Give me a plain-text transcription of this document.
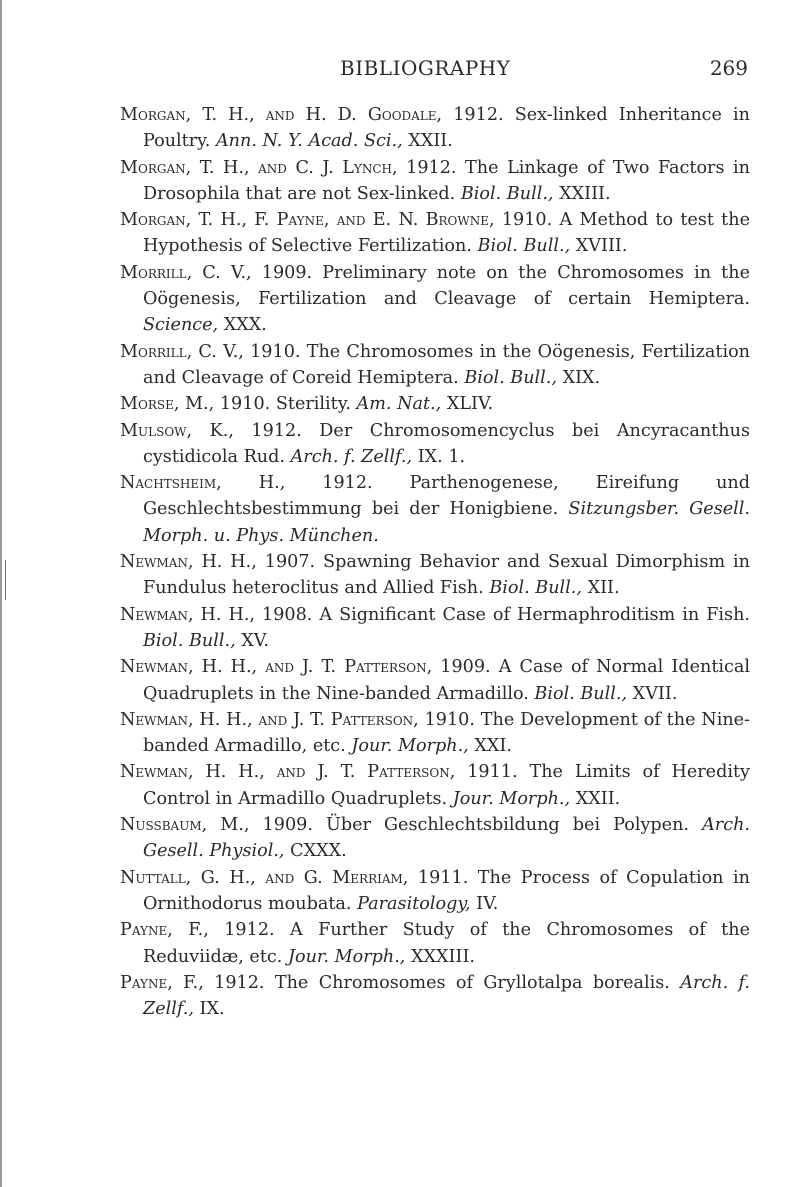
BIBLIOGRAPHY	269
Morgan, T. H., and H. D. Goodale, 1912. Sex-linked Inheritance in Poultry. Ann. N. Y. Acad. Sci., XXII.
Morgan, T. H., and C. J. Lynch, 1912. The Linkage of Two Factors in Drosophila that are not Sex-linked. Biol. Bull., XXIII.
Morgan, T. H., F. Payne, and E. N. Browne, 1910. A Method to test the Hypothesis of Selective Fertilization. Biol. Bull., XVIII.
Morrill, C. V., 1909. Preliminary note on the Chromosomes in the Oögenesis, Fertilization and Cleavage of certain Hemiptera. Science, XXX.
Morrill, C. V., 1910. The Chromosomes in the Oögenesis, Fertilization and Cleavage of Coreid Hemiptera. Biol. Bull., XIX.
Morse, M., 1910. Sterility. Am. Nat., XLIV.
Mulsow, K., 1912. Der Chromosomencyclus bei Ancyracanthus cystidicola Rud. Arch. f. Zellf., IX. 1.
Nachtsheim, H., 1912. Parthenogenese, Eireifung und Geschlechtsbestimmung bei der Honigbiene. Sitzungsber. Gesell. Morph. u. Phys. München.
Newman, H. H., 1907. Spawning Behavior and Sexual Dimorphism in Fundulus heteroclitus and Allied Fish. Biol. Bull., XII.
Newman, H. H., 1908. A Significant Case of Hermaphroditism in Fish. Biol. Bull., XV.
Newman, H. H., and J. T. Patterson, 1909. A Case of Normal Identical Quadruplets in the Nine-banded Armadillo. Biol. Bull., XVII.
Newman, H. H., and J. T. Patterson, 1910. The Development of the Nine-banded Armadillo, etc. Jour. Morph., XXI.
Newman, H. H., and J. T. Patterson, 1911. The Limits of Heredity Control in Armadillo Quadruplets. Jour. Morph., XXII.
Nussbaum, M., 1909. Über Geschlechtsbildung bei Polypen. Arch. Gesell. Physiol., CXXX.
Nuttall, G. H., and G. Merriam, 1911. The Process of Copulation in Ornithodorus moubata. Parasitology, IV.
Payne, F., 1912. A Further Study of the Chromosomes of the Reduviidæ, etc. Jour. Morph., XXXIII.
Payne, F., 1912. The Chromosomes of Gryllotalpa borealis. Arch. f. Zellf., IX.
